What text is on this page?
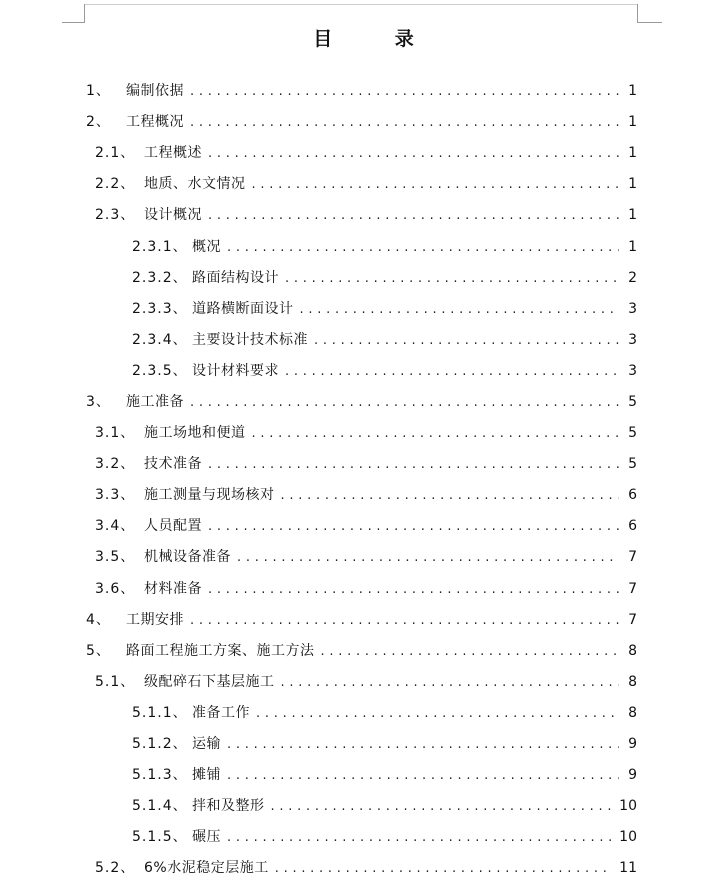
目 录
1、	编制依据 . . .	1
2、	工程概况 . . .	1
2.1、 工程概述 . . .	1
2.2、 地质、水文情况 . . .	1
2.3、 设计概况 . . .	1
2.3.1、 概况 . . .	1
2.3.2、 路面结构设计 . . .	2
2.3.3、 道路横断面设计 . . .	3
2.3.4、 主要设计技术标准 . . .	3
2.3.5、 设计材料要求 . . .	3
3、	施工准备 . . .	5
3.1、 施工场地和便道 . . .	5
3.2、 技术准备 . . .	5
3.3、 施工测量与现场核对 . . .	6
3.4、 人员配置 . . .	6
3.5、 机械设备准备 . . .	7
3.6、 材料准备 . . .	7
4、	工期安排 . . .	7
5、	路面工程施工方案、施工方法 . . .	8
5.1、 级配碎石下基层施工 . . .	8
5.1.1、 准备工作 . . .	8
5.1.2、 运输 . . .	9
5.1.3、 摊铺 . . .	9
5.1.4、 拌和及整形 . . .	10
5.1.5、 碾压 . . .	10
5.2、 6%水泥稳定层施工 . . .	11
